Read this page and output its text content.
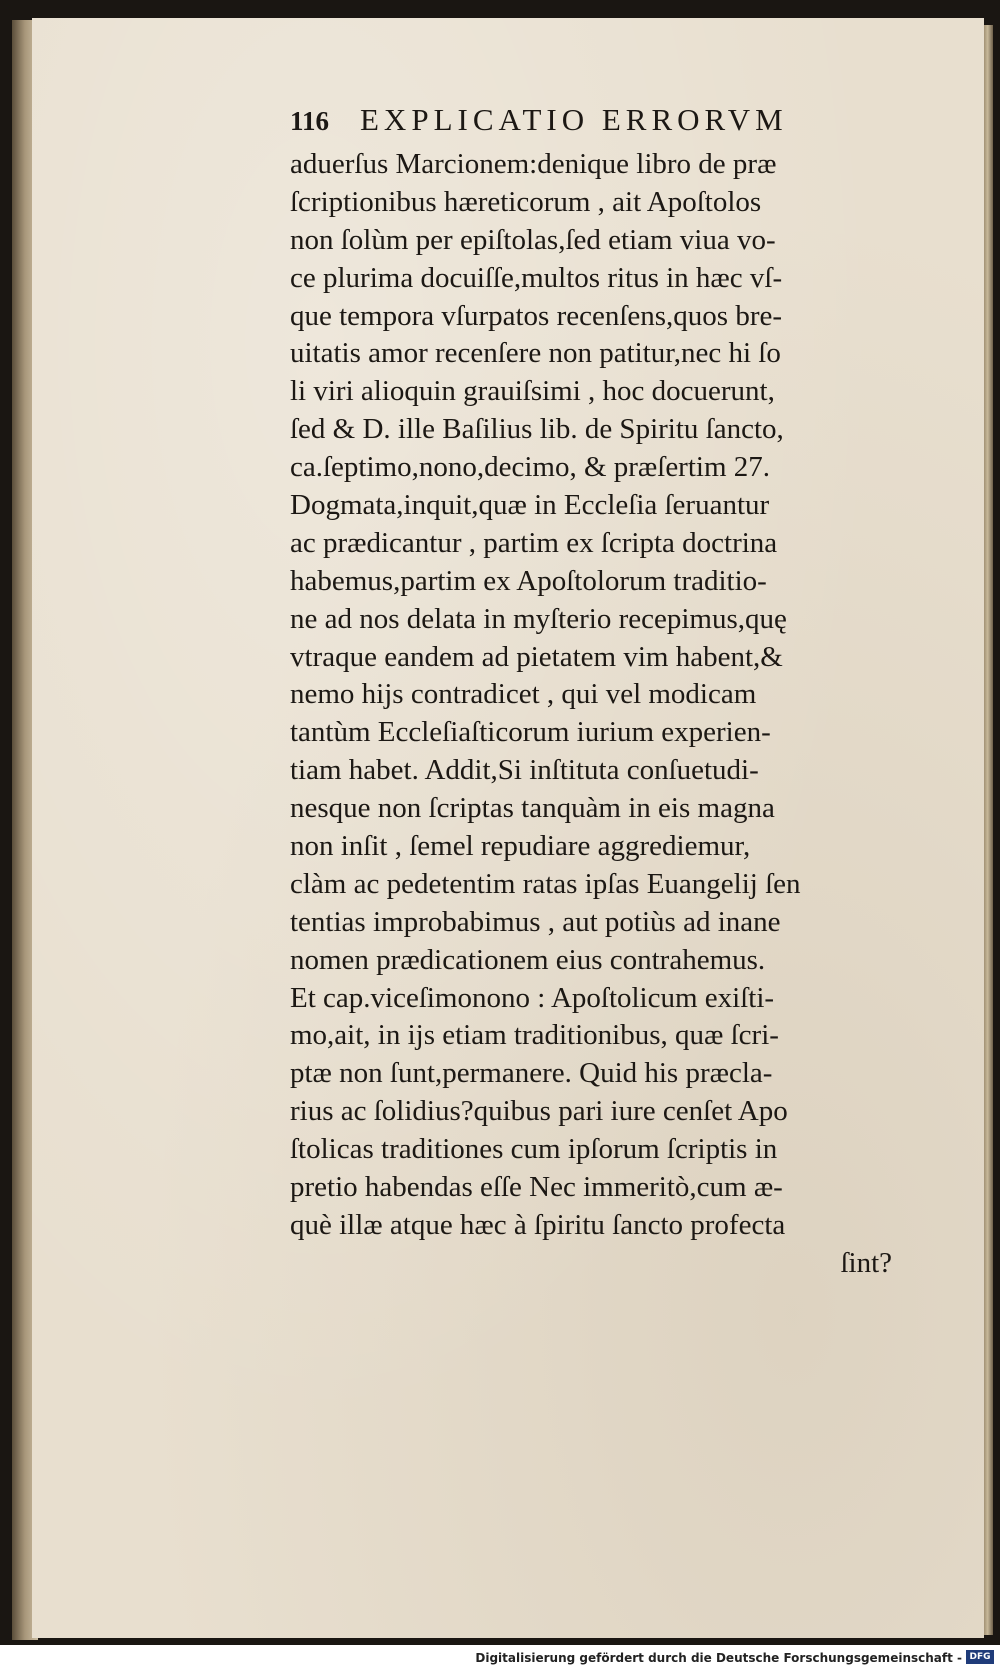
116 EXPLICATIO ERRORVM
aduerſus Marcionem:denique libro de præ
ſcriptionibus hæreticorum , ait Apoſtolos
non ſolùm per epiſtolas,ſed etiam viua vo-
ce plurima docuiſſe,multos ritus in hæc vſ-
que tempora vſurpatos recenſens,quos bre-
uitatis amor recenſere non patitur,nec hi ſo
li viri alioquin grauiſsimi , hoc docuerunt,
ſed & D. ille Baſilius lib. de Spiritu ſancto,
ca.ſeptimo,nono,decimo, & præſertim 27.
Dogmata,inquit,quæ in Eccleſia ſeruantur
ac prædicantur , partim ex ſcripta doctrina
habemus,partim ex Apoſtolorum traditio-
ne ad nos delata in myſterio recepimus,quę
vtraque eandem ad pietatem vim habent,&
nemo hijs contradicet , qui vel modicam
tantùm Eccleſiaſticorum iurium experien-
tiam habet. Addit,Si inſtituta conſuetudi-
nesque non ſcriptas tanquàm in eis magna
non inſit , ſemel repudiare aggrediemur,
clàm ac pedetentim ratas ipſas Euangelij ſen
tentias improbabimus , aut potiùs ad inane
nomen prædicationem eius contrahemus.
Et cap.viceſimonono : Apoſtolicum exiſti-
mo,ait, in ijs etiam traditionibus, quæ ſcri-
ptæ non ſunt,permanere. Quid his præcla-
rius ac ſolidius?quibus pari iure cenſet Apo
ſtolicas traditiones cum ipſorum ſcriptis in
pretio habendas eſſe Nec immeritò,cum æ-
què illæ atque hæc à ſpiritu ſancto profecta
ſint?
Digitalisierung gefördert durch die Deutsche Forschungsgemeinschaft - DFG
